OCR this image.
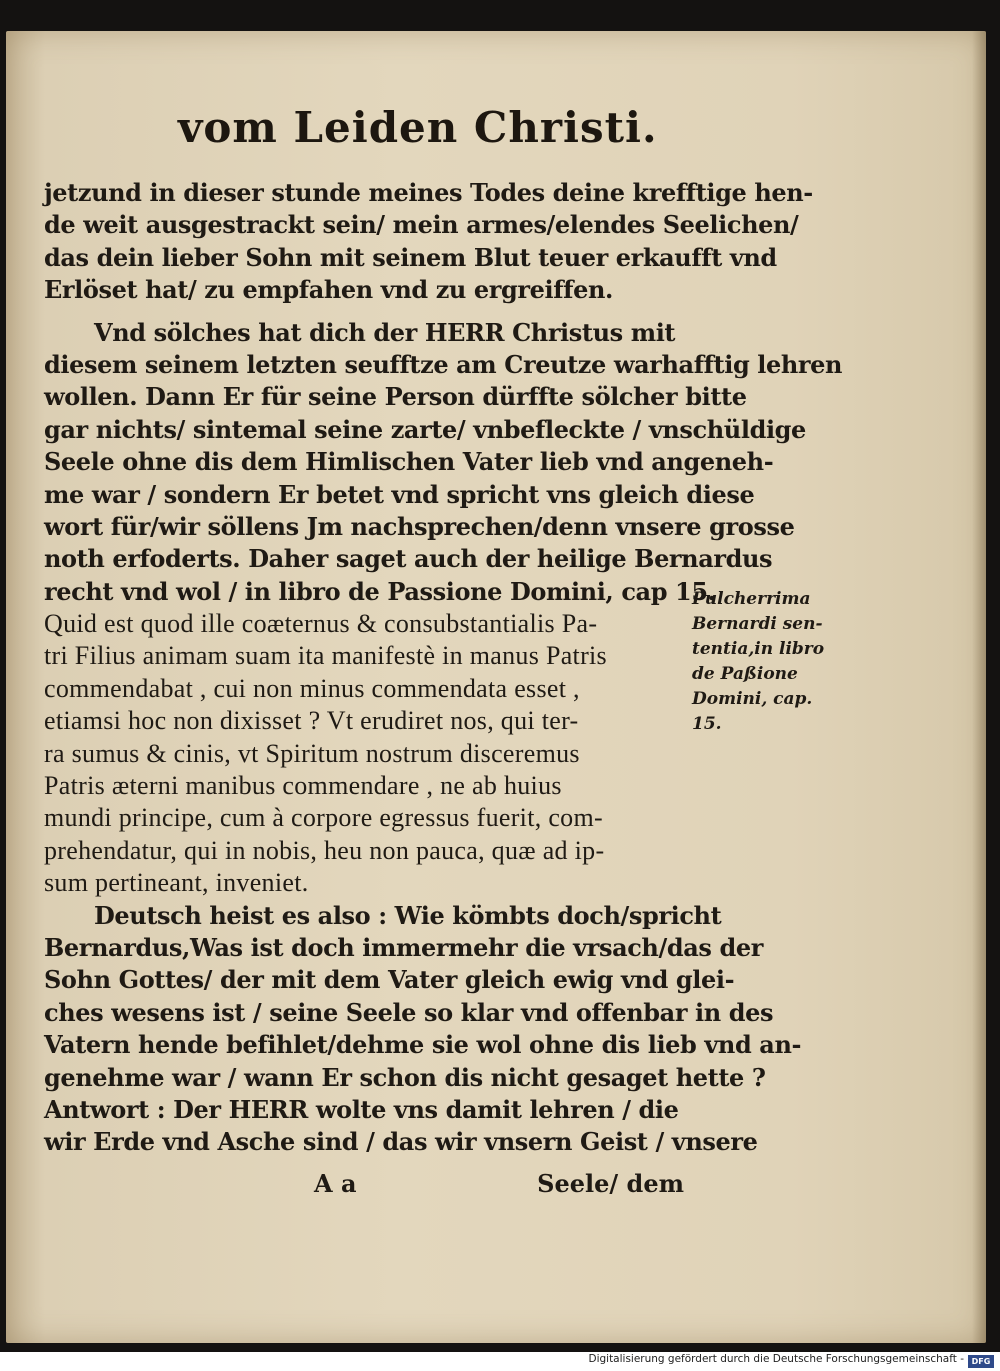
vom Leiden Christi.
jetzund in dieser stunde meines Todes deine krefftige hen-
de weit ausgestrackt sein/ mein armes/elendes Seelichen/
das dein lieber Sohn mit seinem Blut teuer erkaufft vnd
Erlöset hat/ zu empfahen vnd zu ergreiffen.
Vnd sölches hat dich der HERR Christus mit
diesem seinem letzten seufftze am Creutze warhafftig lehren
wollen. Dann Er für seine Person dürffte sölcher bitte
gar nichts/ sintemal seine zarte/ vnbefleckte / vnschüldige
Seele ohne dis dem Himlischen Vater lieb vnd angeneh-
me war / sondern Er betet vnd spricht vns gleich diese
wort für/wir söllens Jm nachsprechen/denn vnsere grosse
noth erfoderts. Daher saget auch der heilige Bernardus
recht vnd wol / in libro de Passione Domini, cap 15.
Quid est quod ille coæternus & consubstantialis Pa-
tri Filius animam suam ita manifestè in manus Patris
commendabat , cui non minus commendata esset ,
etiamsi hoc non dixisset ? Vt erudiret nos, qui ter-
ra sumus & cinis, vt Spiritum nostrum disceremus
Patris æterni manibus commendare , ne ab huius
mundi principe, cum à corpore egressus fuerit, com-
prehendatur, qui in nobis, heu non pauca, quæ ad ip-
sum pertineant, inveniet.
Deutsch heist es also : Wie kömbts doch/spricht
Bernardus,Was ist doch immermehr die vrsach/das der
Sohn Gottes/ der mit dem Vater gleich ewig vnd glei-
ches wesens ist / seine Seele so klar vnd offenbar in des
Vatern hende befihlet/dehme sie wol ohne dis lieb vnd an-
genehme war / wann Er schon dis nicht gesaget hette ?
Antwort : Der HERR wolte vns damit lehren / die
wir Erde vnd Asche sind / das wir vnsern Geist / vnsere
A a	Seele/ dem
Pulcherrima
Bernardi sen-
tentia,in libro
de Paßione
Domini, cap.
15.
Digitalisierung gefördert durch die Deutsche Forschungsgemeinschaft - DFG
